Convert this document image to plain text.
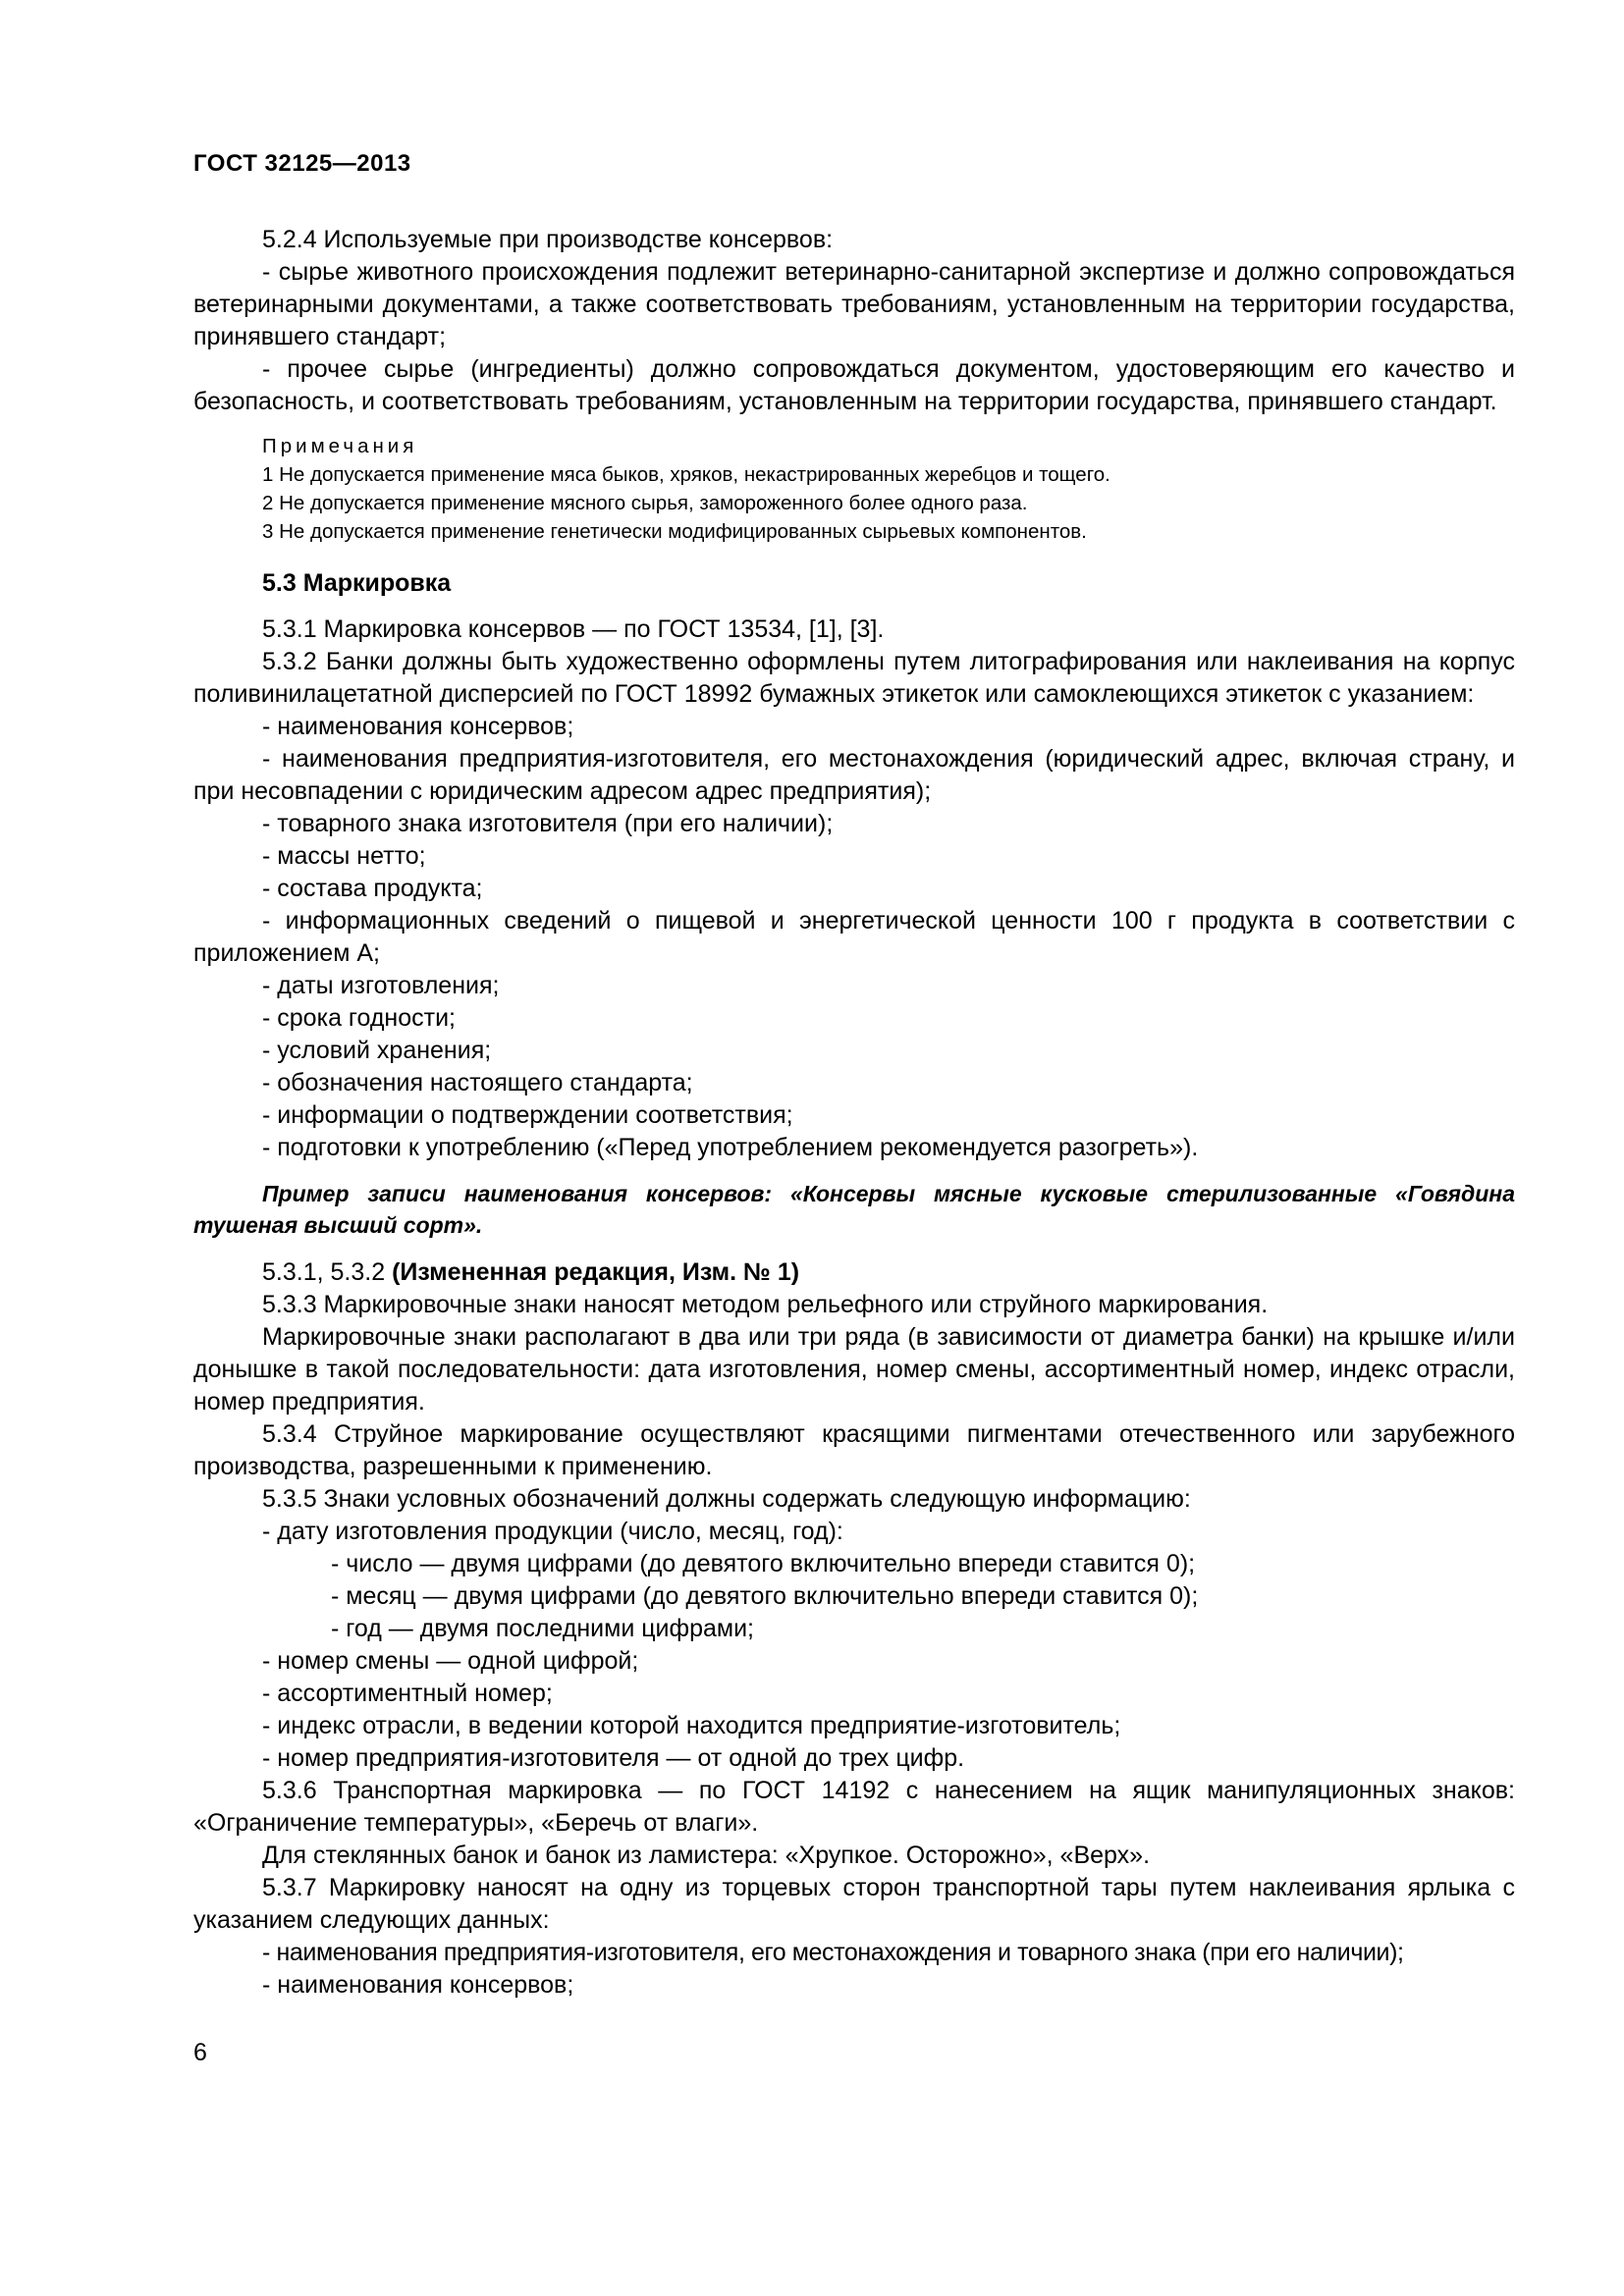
ГОСТ 32125—2013

5.2.4 Используемые при производстве консервов:

- сырье животного происхождения подлежит ветеринарно-санитарной экспертизе и должно сопровождаться ветеринарными документами, а также соответствовать требованиям, установленным на территории государства, принявшего стандарт;

- прочее сырье (ингредиенты) должно сопровождаться документом, удостоверяющим его качество и безопасность, и соответствовать требованиям, установленным на территории государства, принявшего стандарт.

Примечания
1 Не допускается применение мяса быков, хряков, некастрированных жеребцов и тощего.
2 Не допускается применение мясного сырья, замороженного более одного раза.
3 Не допускается применение генетически модифицированных сырьевых компонентов.
5.3 Маркировка

5.3.1 Маркировка консервов — по ГОСТ 13534, [1], [3].

5.3.2 Банки должны быть художественно оформлены путем литографирования или наклеивания на корпус поливинилацетатной дисперсией по ГОСТ 18992 бумажных этикеток или самоклеющихся этикеток с указанием:

- наименования консервов;

- наименования предприятия-изготовителя, его местонахождения (юридический адрес, включая страну, и при несовпадении с юридическим адресом адрес предприятия);

- товарного знака изготовителя (при его наличии);

- массы нетто;

- состава продукта;

- информационных сведений о пищевой и энергетической ценности 100 г продукта в соответствии с приложением А;

- даты изготовления;

- срока годности;

- условий хранения;

- обозначения настоящего стандарта;

- информации о подтверждении соответствия;

- подготовки к употреблению («Перед употреблением рекомендуется разогреть»).

Пример записи наименования консервов: «Консервы мясные кусковые стерилизованные «Говядина тушеная высший сорт».

5.3.1, 5.3.2 (Измененная редакция, Изм. № 1)

5.3.3 Маркировочные знаки наносят методом рельефного или струйного маркирования.

Маркировочные знаки располагают в два или три ряда (в зависимости от диаметра банки) на крышке и/или донышке в такой последовательности: дата изготовления, номер смены, ассортиментный номер, индекс отрасли, номер предприятия.

5.3.4 Струйное маркирование осуществляют красящими пигментами отечественного или зарубежного производства, разрешенными к применению.

5.3.5 Знаки условных обозначений должны содержать следующую информацию:

- дату изготовления продукции (число, месяц, год):

- число — двумя цифрами (до девятого включительно впереди ставится 0);

- месяц — двумя цифрами (до девятого включительно впереди ставится 0);

- год — двумя последними цифрами;

- номер смены — одной цифрой;

- ассортиментный номер;

- индекс отрасли, в ведении которой находится предприятие-изготовитель;

- номер предприятия-изготовителя — от одной до трех цифр.

5.3.6 Транспортная маркировка — по ГОСТ 14192 с нанесением на ящик манипуляционных знаков: «Ограничение температуры», «Беречь от влаги».

Для стеклянных банок и банок из ламистера: «Хрупкое. Осторожно», «Верх».

5.3.7 Маркировку наносят на одну из торцевых сторон транспортной тары путем наклеивания ярлыка с указанием следующих данных:

- наименования предприятия-изготовителя, его местонахождения и товарного знака (при его наличии);

- наименования консервов;

6
